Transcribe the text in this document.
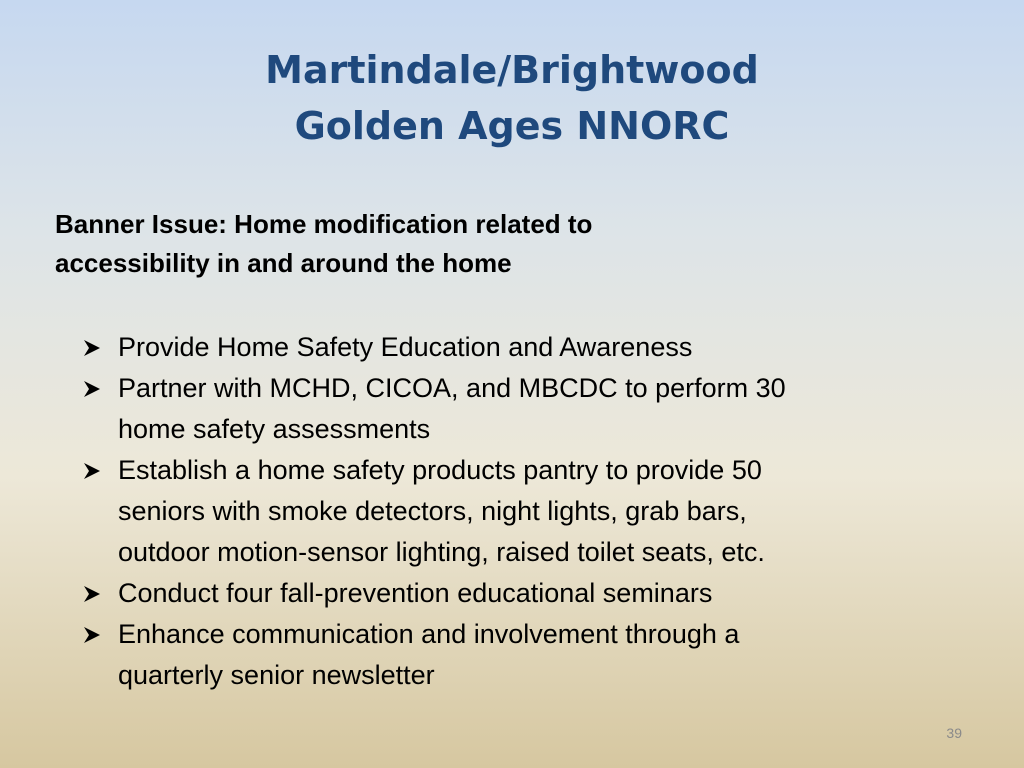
Martindale/Brightwood
Golden Ages NNORC
Banner Issue: Home modification related to
accessibility in and around the home
Provide Home Safety Education and Awareness
Partner with MCHD, CICOA, and MBCDC to perform 30
home safety assessments
Establish a home safety products pantry to provide 50
seniors with smoke detectors, night lights, grab bars,
outdoor motion-sensor lighting, raised toilet seats, etc.
Conduct four fall-prevention educational seminars
Enhance communication and involvement through a
quarterly senior newsletter
39
